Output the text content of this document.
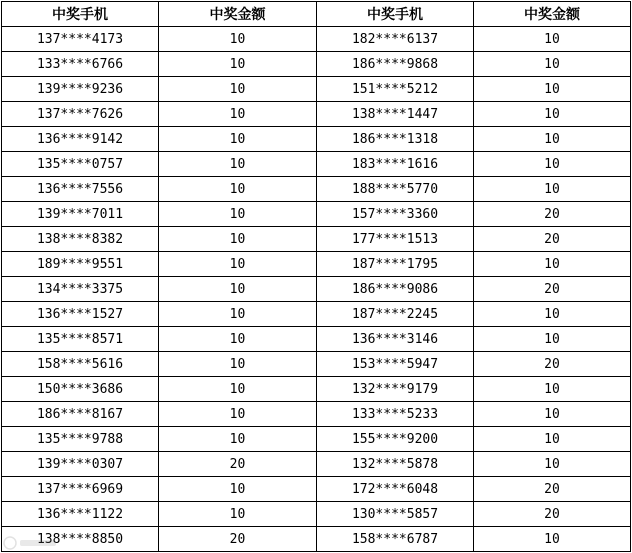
中奖手机	中奖金额	中奖手机	中奖金额
137****4173	10	182****6137	10
133****6766	10	186****9868	10
139****9236	10	151****5212	10
137****7626	10	138****1447	10
136****9142	10	186****1318	10
135****0757	10	183****1616	10
136****7556	10	188****5770	10
139****7011	10	157****3360	20
138****8382	10	177****1513	20
189****9551	10	187****1795	10
134****3375	10	186****9086	20
136****1527	10	187****2245	10
135****8571	10	136****3146	10
158****5616	10	153****5947	20
150****3686	10	132****9179	10
186****8167	10	133****5233	10
135****9788	10	155****9200	10
139****0307	20	132****5878	10
137****6969	10	172****6048	20
136****1122	10	130****5857	20
138****8850	20	158****6787	10
